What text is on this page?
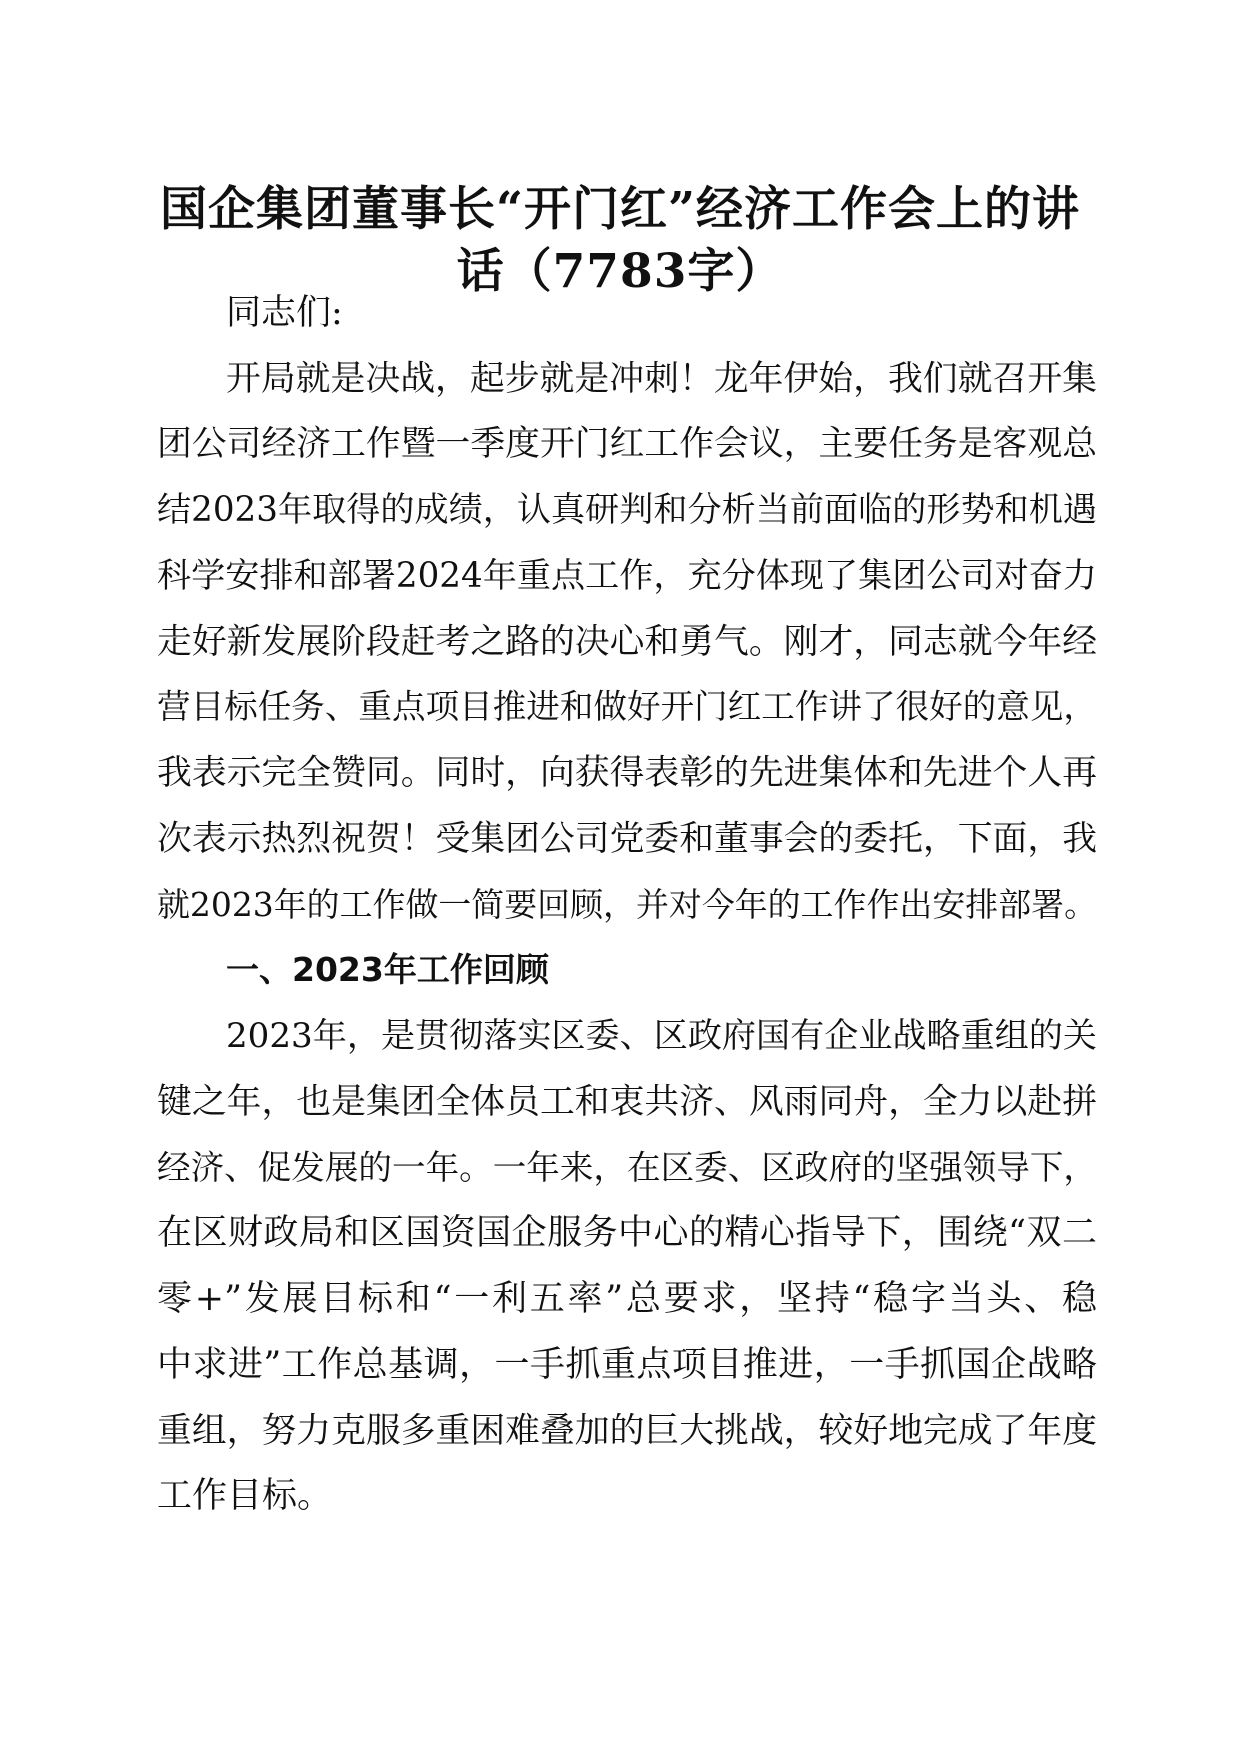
国企集团董事长“开门红”经济工作会上的讲
话（7783字）
同志们:
开局就是决战，起步就是冲刺！龙年伊始，我们就召开集
团公司经济工作暨一季度开门红工作会议，主要任务是客观总
结2023年取得的成绩，认真研判和分析当前面临的形势和机遇
科学安排和部署2024年重点工作，充分体现了集团公司对奋力
走好新发展阶段赶考之路的决心和勇气。刚才，同志就今年经
营目标任务、重点项目推进和做好开门红工作讲了很好的意见，
我表示完全赞同。同时，向获得表彰的先进集体和先进个人再
次表示热烈祝贺！受集团公司党委和董事会的委托，下面，我
就2023年的工作做一简要回顾，并对今年的工作作出安排部署。
一、2023年工作回顾
2023年，是贯彻落实区委、区政府国有企业战略重组的关
键之年，也是集团全体员工和衷共济、风雨同舟，全力以赴拼
经济、促发展的一年。一年来，在区委、区政府的坚强领导下，
在区财政局和区国资国企服务中心的精心指导下，围绕“双二
零+”发展目标和“一利五率”总要求，坚持“稳字当头、稳
中求进”工作总基调，一手抓重点项目推进，一手抓国企战略
重组，努力克服多重困难叠加的巨大挑战，较好地完成了年度
工作目标。
